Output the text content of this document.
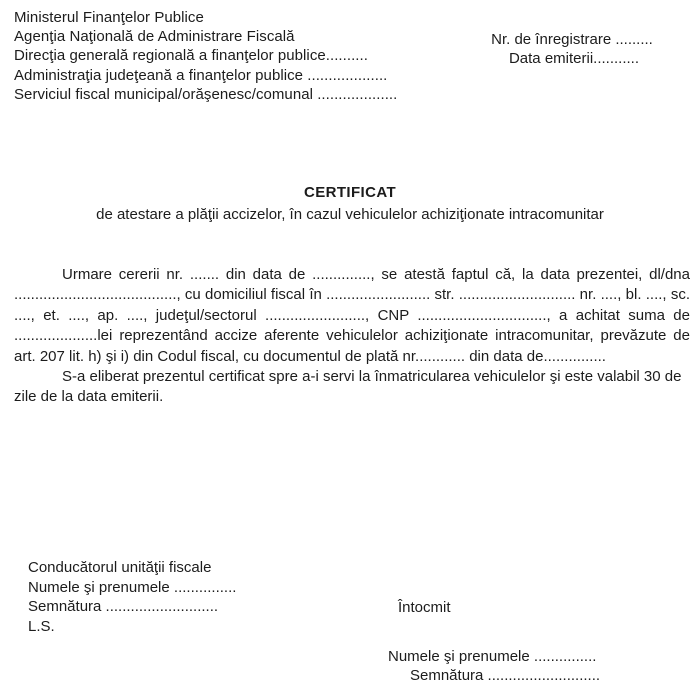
Ministerul Finanţelor Publice
Agenţia Naţională de Administrare Fiscală
Direcţia generală regională a finanţelor publice..........
Administraţia judeţeană a finanţelor publice ...................
Serviciul fiscal municipal/orăşenesc/comunal ...................
Nr. de înregistrare .........
Data emiterii...........
CERTIFICAT
de atestare a plăţii accizelor, în cazul vehiculelor achiziţionate intracomunitar
Urmare cererii nr. ....... din data de .............., se atestă faptul că, la data prezentei, dl/dna ......................................., cu domiciliul fiscal în ......................... str. ............................ nr. ...., bl. ...., sc. ...., et. ...., ap. ...., judeţul/sectorul ........................, CNP ..............................., a achitat suma de ....................lei reprezentând accize aferente vehiculelor achiziţionate intracomunitar, prevăzute de art. 207 lit. h) şi i) din Codul fiscal, cu documentul de plată nr............ din data de...............
S-a eliberat prezentul certificat spre a-i servi la înmatricularea vehiculelor şi este valabil 30 de zile de la data emiterii.
Conducătorul unităţii fiscale
Numele şi prenumele ...............
Semnătura ...........................
L.S.
Întocmit
Numele şi prenumele ...............
Semnătura ...........................
